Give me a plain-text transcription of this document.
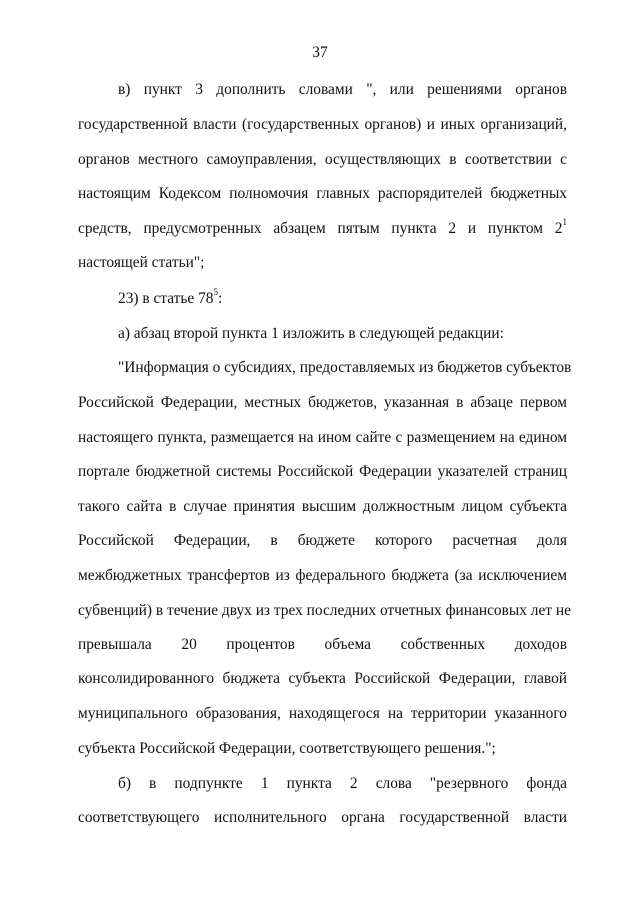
37
в) пункт 3 дополнить словами ", или решениями органов
государственной власти (государственных органов) и иных организаций,
органов местного самоуправления, осуществляющих в соответствии с
настоящим Кодексом полномочия главных распорядителей бюджетных
средств, предусмотренных абзацем пятым пункта 2 и пунктом $2^1$
настоящей статьи";
23) в статье $78^5$:
а) абзац второй пункта 1 изложить в следующей редакции:
"Информация о субсидиях, предоставляемых из бюджетов субъектов
Российской Федерации, местных бюджетов, указанная в абзаце первом
настоящего пункта, размещается на ином сайте с размещением на едином
портале бюджетной системы Российской Федерации указателей страниц
такого сайта в случае принятия высшим должностным лицом субъекта
Российской Федерации, в бюджете которого расчетная доля
межбюджетных трансфертов из федерального бюджета (за исключением
субвенций) в течение двух из трех последних отчетных финансовых лет не
превышала 20 процентов объема собственных доходов
консолидированного бюджета субъекта Российской Федерации, главой
муниципального образования, находящегося на территории указанного
субъекта Российской Федерации, соответствующего решения.";
б) в подпункте 1 пункта 2 слова "резервного фонда
соответствующего исполнительного органа государственной власти
